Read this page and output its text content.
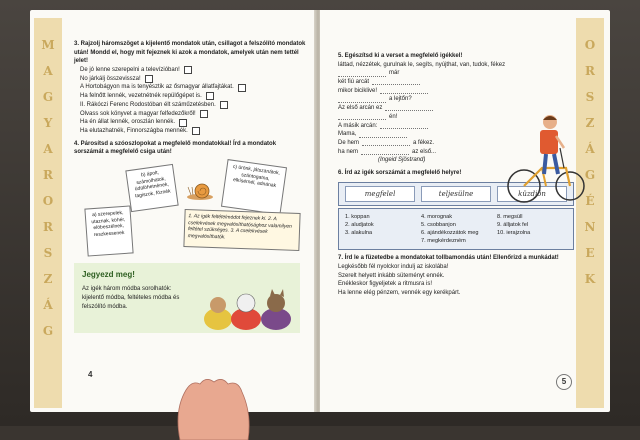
M
A
G
Y
A
R
O
R
S
Z
Á
G
3. Rajzolj háromszöget a kijelentő mondatok után, csillagot a felszólító mondatok után! Mondd el, hogy mit fejeznek ki azok a mondatok, amelyek után nem tettél jelet!
De jó lenne szerepelni a televízióban!
No járkálj összevissza!
A Hortobágyon ma is tenyésztik az ősmagyar állatfajtákat.
Ha felnőtt lennék, vezetnétnék repülőgépet is.
II. Rákóczi Ferenc Rodostóban élt száműzetésben.
Olvass sok könyvet a magyar felfedezőkről!
Ha én állat lennék, oroszlán lennék.
Ha elutazhatnék, Finnországba mennék.
4. Párosítsd a szóoszlopokat a megfelelő mondatokkal! Írd a mondatok sorszámát a megfelelő csiga után!
b) ápolt, számolhatok, üdülöhetnének, tagiszok, föznék
c) ürönk, játszanátok, szántogatna, elkísérnél, adnának
a) szerepelek, utaznak, köhér, elöbeszélnek, reszkessenek
1. Az igék feltételmódot fejeznek ki. 2. A cselekvések megvalósíthatósághoz valamilyen feltétel szükséges. 3. A cselekvések megvalósíthatók.
Jegyezd meg!
Az igék három módba sorolhatók: kijelentő módba, feltételes módba és felszólító módba.
4
O
R
S
Z
Á
G
É
N
E
K
5. Egészítsd ki a verset a megfelelő igékkel!
láttad, nézzétek, gurulnak le, segíts, nyújthat, van, tudok, fékez
már
két fiú arcát
mikor biciklive!
a lejtőn?
Az első arcán ez
én!
A másik arcán:
Mama,
De hem	a fékez.
ha nem	az első...
(Ingeid Sjöstrand)
6. Írd az igék sorszámát a megfelelő helyre!
megfelel	teljesülne	küzdjön
1. koppan
2. aludjatok
3. alakulna
4. morognak
5. csobbanjon
6. ajándékozzátok meg
7. megkérdezném
8. megsüll
9. álljatok fel
10. ierajzolna
7. Írd le a füzetedbe a mondatokat tollbamondás után! Ellenőrizd a munkádat!
Legkésőbb fél nyolckor indulj az iskolába!
Szerelt helyett inkább süteményt ennék.
Enékleskor figyeljetek a ritmusra is!
Ha lenne elég pénzem, vennék egy kerékpárt.
5
